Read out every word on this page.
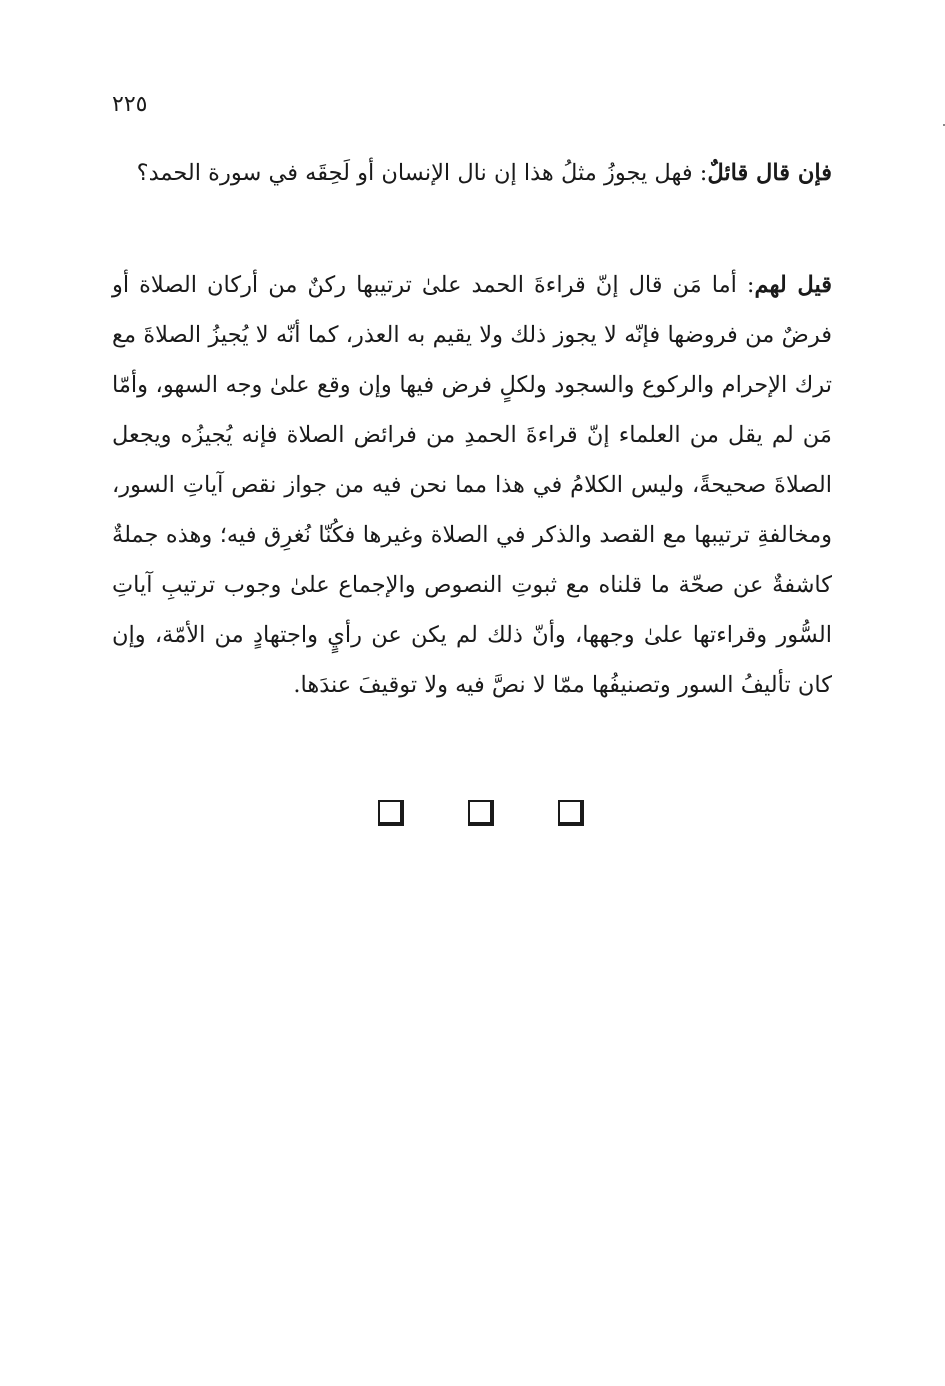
٢٢٥
فإن قال قائلٌ: فهل يجوزُ مثلُ هذا إن نال الإنسان أو لَحِقَه في سورة الحمد؟
قيل لهم: أما مَن قال إنّ قراءةَ الحمد علىٰ ترتيبها ركنٌ من أركان الصلاة أو فرضٌ من فروضها فإنّه لا يجوز ذلك ولا يقيم به العذر، كما أنّه لا يُجيزُ الصلاةَ مع ترك الإحرام والركوع والسجود ولكلٍ فرض فيها وإن وقع علىٰ وجه السهو، وأمّا مَن لم يقل من العلماء إنّ قراءةَ الحمدِ من فرائض الصلاة فإنه يُجيزُه ويجعل الصلاةَ صحيحةً، وليس الكلامُ في هذا مما نحن فيه من جواز نقص آياتِ السور، ومخالفةِ ترتيبها مع القصد والذكر في الصلاة وغيرها فكُنّا نُغرِق فيه؛ وهذه جملةٌ كاشفةٌ عن صحّة ما قلناه مع ثبوتِ النصوص والإجماع علىٰ وجوب ترتيبِ آياتِ السُّور وقراءتها علىٰ وجهها، وأنّ ذلك لم يكن عن رأيٍ واجتهادٍ من الأمّة، وإن كان تأليفُ السور وتصنيفُها ممّا لا نصَّ فيه ولا توقيفَ عندَها.
